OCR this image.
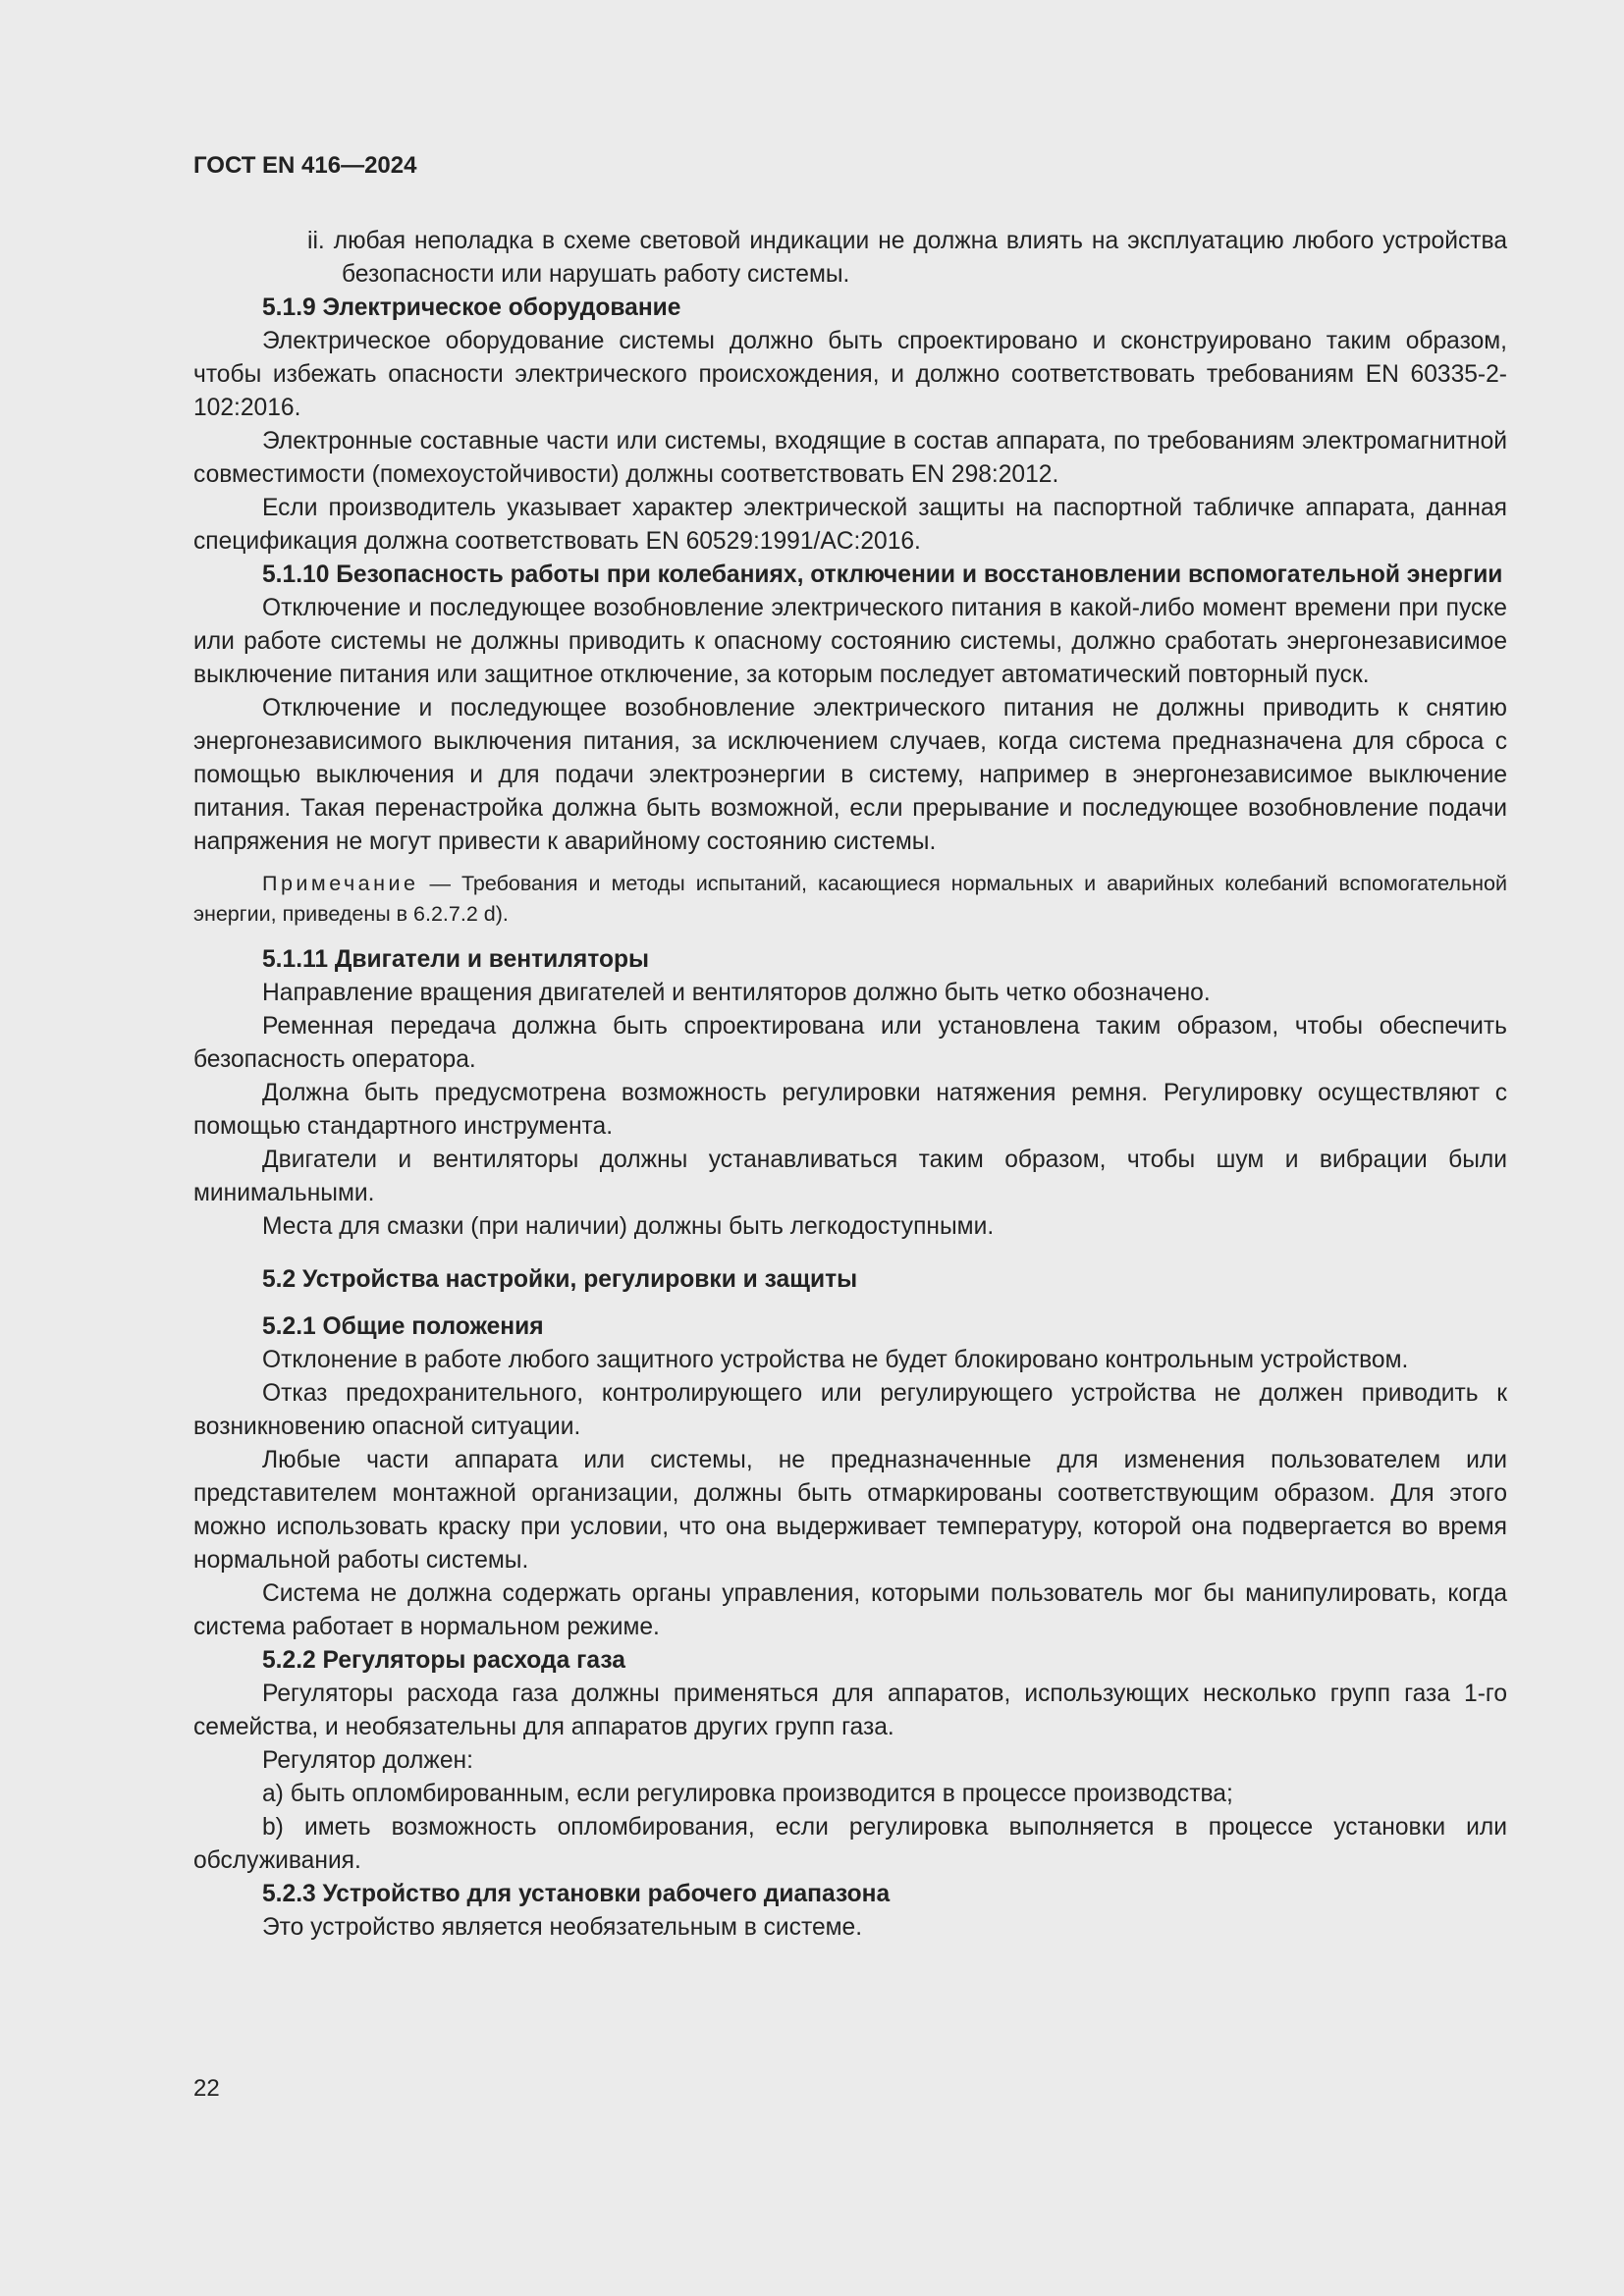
ГОСТ EN 416—2024

ii. любая неполадка в схеме световой индикации не должна влиять на эксплуатацию любого устройства безопасности или нарушать работу системы.

5.1.9 Электрическое оборудование

Электрическое оборудование системы должно быть спроектировано и сконструировано таким образом, чтобы избежать опасности электрического происхождения, и должно соответствовать требованиям EN 60335-2-102:2016.

Электронные составные части или системы, входящие в состав аппарата, по требованиям электромагнитной совместимости (помехоустойчивости) должны соответствовать EN 298:2012.

Если производитель указывает характер электрической защиты на паспортной табличке аппарата, данная спецификация должна соответствовать EN 60529:1991/AC:2016.

5.1.10 Безопасность работы при колебаниях, отключении и восстановлении вспомогательной энергии

Отключение и последующее возобновление электрического питания в какой-либо момент времени при пуске или работе системы не должны приводить к опасному состоянию системы, должно сработать энергонезависимое выключение питания или защитное отключение, за которым последует автоматический повторный пуск.

Отключение и последующее возобновление электрического питания не должны приводить к снятию энергонезависимого выключения питания, за исключением случаев, когда система предназначена для сброса с помощью выключения и для подачи электроэнергии в систему, например в энергонезависимое выключение питания. Такая перенастройка должна быть возможной, если прерывание и последующее возобновление подачи напряжения не могут привести к аварийному состоянию системы.

Примечание — Требования и методы испытаний, касающиеся нормальных и аварийных колебаний вспомогательной энергии, приведены в 6.2.7.2 d).

5.1.11 Двигатели и вентиляторы

Направление вращения двигателей и вентиляторов должно быть четко обозначено.

Ременная передача должна быть спроектирована или установлена таким образом, чтобы обеспечить безопасность оператора.

Должна быть предусмотрена возможность регулировки натяжения ремня. Регулировку осуществляют с помощью стандартного инструмента.

Двигатели и вентиляторы должны устанавливаться таким образом, чтобы шум и вибрации были минимальными.

Места для смазки (при наличии) должны быть легкодоступными.

5.2 Устройства настройки, регулировки и защиты

5.2.1 Общие положения

Отклонение в работе любого защитного устройства не будет блокировано контрольным устройством.

Отказ предохранительного, контролирующего или регулирующего устройства не должен приводить к возникновению опасной ситуации.

Любые части аппарата или системы, не предназначенные для изменения пользователем или представителем монтажной организации, должны быть отмаркированы соответствующим образом. Для этого можно использовать краску при условии, что она выдерживает температуру, которой она подвергается во время нормальной работы системы.

Система не должна содержать органы управления, которыми пользователь мог бы манипулировать, когда система работает в нормальном режиме.

5.2.2 Регуляторы расхода газа

Регуляторы расхода газа должны применяться для аппаратов, использующих несколько групп газа 1-го семейства, и необязательны для аппаратов других групп газа.

Регулятор должен:

a) быть опломбированным, если регулировка производится в процессе производства;

b) иметь возможность опломбирования, если регулировка выполняется в процессе установки или обслуживания.

5.2.3 Устройство для установки рабочего диапазона

Это устройство является необязательным в системе.

22
